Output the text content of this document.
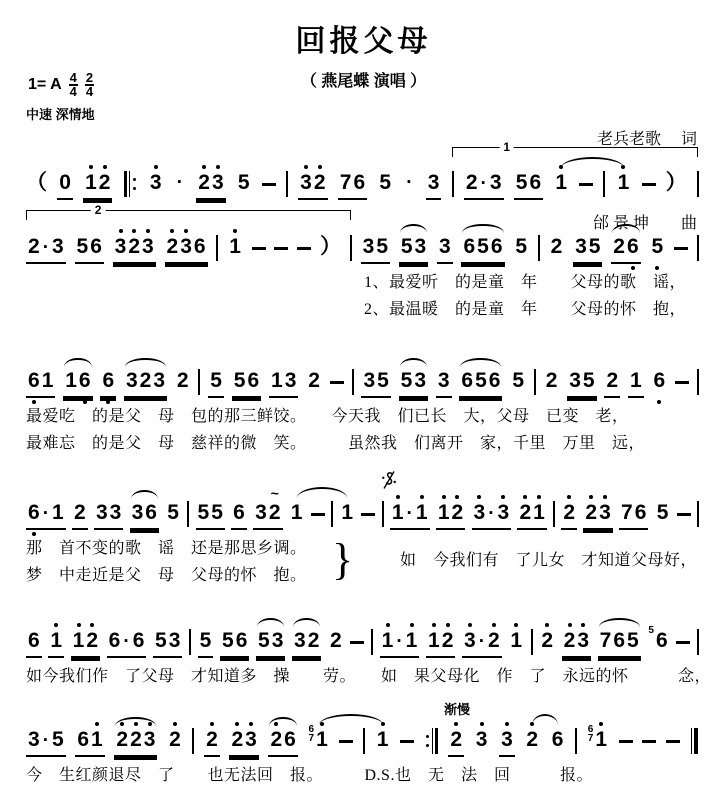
回报父母
（ 燕尾蝶 演唱 ）
1= A $\frac{4}{4} \frac{2}{4}$
中速 深情地

老兵老歌　 词

邰 景 坤　　曲

（ 0 12 3 · 23 5 32 76 5 · 3 2 · 3 56 1 1 ）
1
2 · 3 56 323 236 1	） 35 53 3 656 5 2 35 26 5
2
1、最爱听　的是童　年　　父母的歌　谣，
2、最温暖　的是童　年　　父母的怀　抱，
61 16 6 323 2 5 56 13 2 35 53 3 656 5 2 35 2 1 6
最爱吃　的是父　母　包的那三鲜饺。　　今天我　们已长　大，父母　已变　老，
最难忘　的是父　母　慈祥的微　笑。　　　虽然我　们离开　家，千里　万里　远，
6 · 1 2 33 36 5 55 6 3~ 2 1 1 1 · 1 12 3 · 3 21 2 23 76 5
那　首不变的歌　谣　还是那思乡调。
梦　中走近是父　母　父母的怀　抱。
如　今我们有　了儿女　才知道父母好，
}
6 1 12 6 · 6 53 5 56 53 32 2 1 · 1 12 3 · 2 1 2 23 765 5 6
如今我们作　了父母　才知道多　操　　劳。　　如　果父母化　作　了　永远的怀　　　念，
3 · 5 61 223 2 2 23 26 6
7 1 1	2 3 3 2 6 6
7 1
渐慢
今　生红颜退尽　了　　也无法回　报。　　　D.S.也　无　法　回　　　报。
